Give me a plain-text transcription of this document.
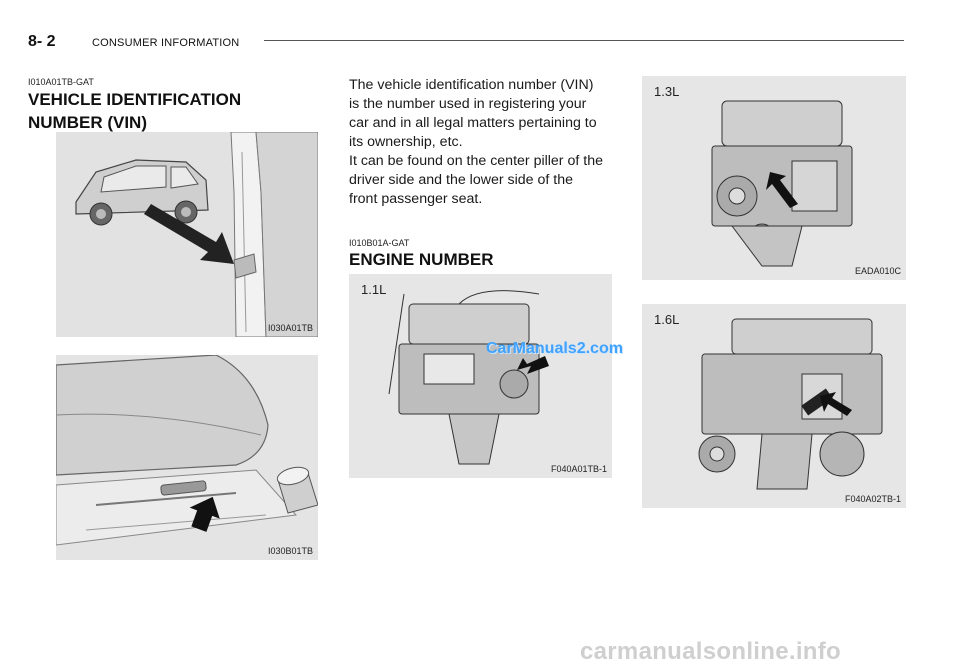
8- 2	CONSUMER INFORMATION
I010A01TB-GAT
VEHICLE IDENTIFICATION
NUMBER (VIN)
I030A01TB
I030B01TB
The vehicle identification number (VIN)
is the number used in registering your
car and in all legal matters pertaining to
its ownership, etc.
It can be found on the center piller of the
driver side and the lower side of the
front passenger seat.
I010B01A-GAT
ENGINE NUMBER
1.1L
F040A01TB-1
1.3L
EADA010C
1.6L
F040A02TB-1
CarManuals2.com
carmanualsonline.info
